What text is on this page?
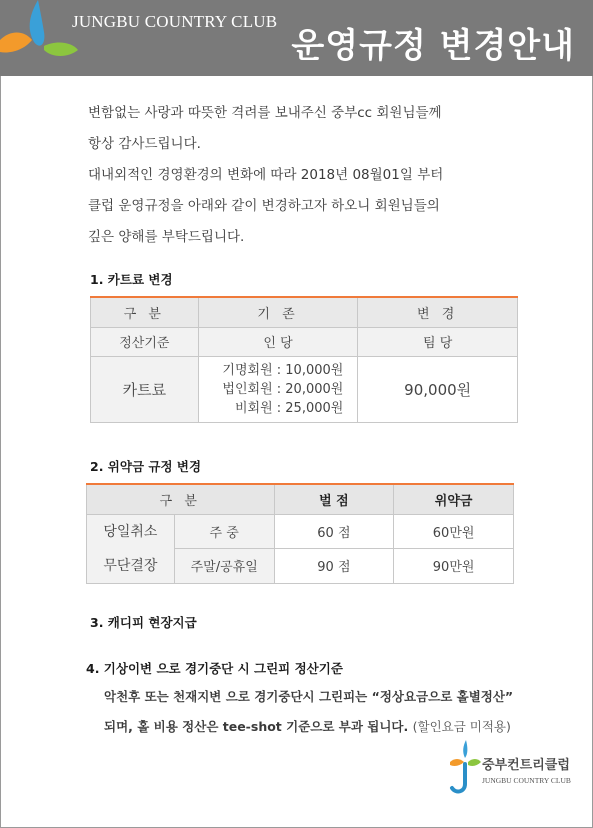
JUNGBU COUNTRY CLUB
운영규정 변경안내

변함없는 사랑과 따뜻한 격려를 보내주신 중부cc 회원님들께

항상 감사드립니다.

대내외적인 경영환경의 변화에 따라 2018년 08월01일 부터

클럽 운영규정을 아래와 같이 변경하고자 하오니 회원님들의

깊은 양해를 부탁드립니다.

1. 카트료 변경
구 분	기 존	변 경
정산기준	인 당	팀 당
카트료	기명회원 : 10,000원
법인회원 : 20,000원
비회원 : 25,000원	90,000원
2. 위약금 규정 변경
구 분		벌 점	위약금

당일취소
무단결장	주 중	60 점	60만원
	주말/공휴일	90 점	90만원
3. 캐디피 현장지급
4. 기상이변 으로 경기중단 시 그린피 정산기준
악천후 또는 천재지변 으로 경기중단시 그린피는 “정상요금으로 홀별정산”
되며, 홀 비용 정산은 tee-shot 기준으로 부과 됩니다. (할인요금 미적용)
중부컨트리클럽
JUNGBU COUNTRY CLUB
